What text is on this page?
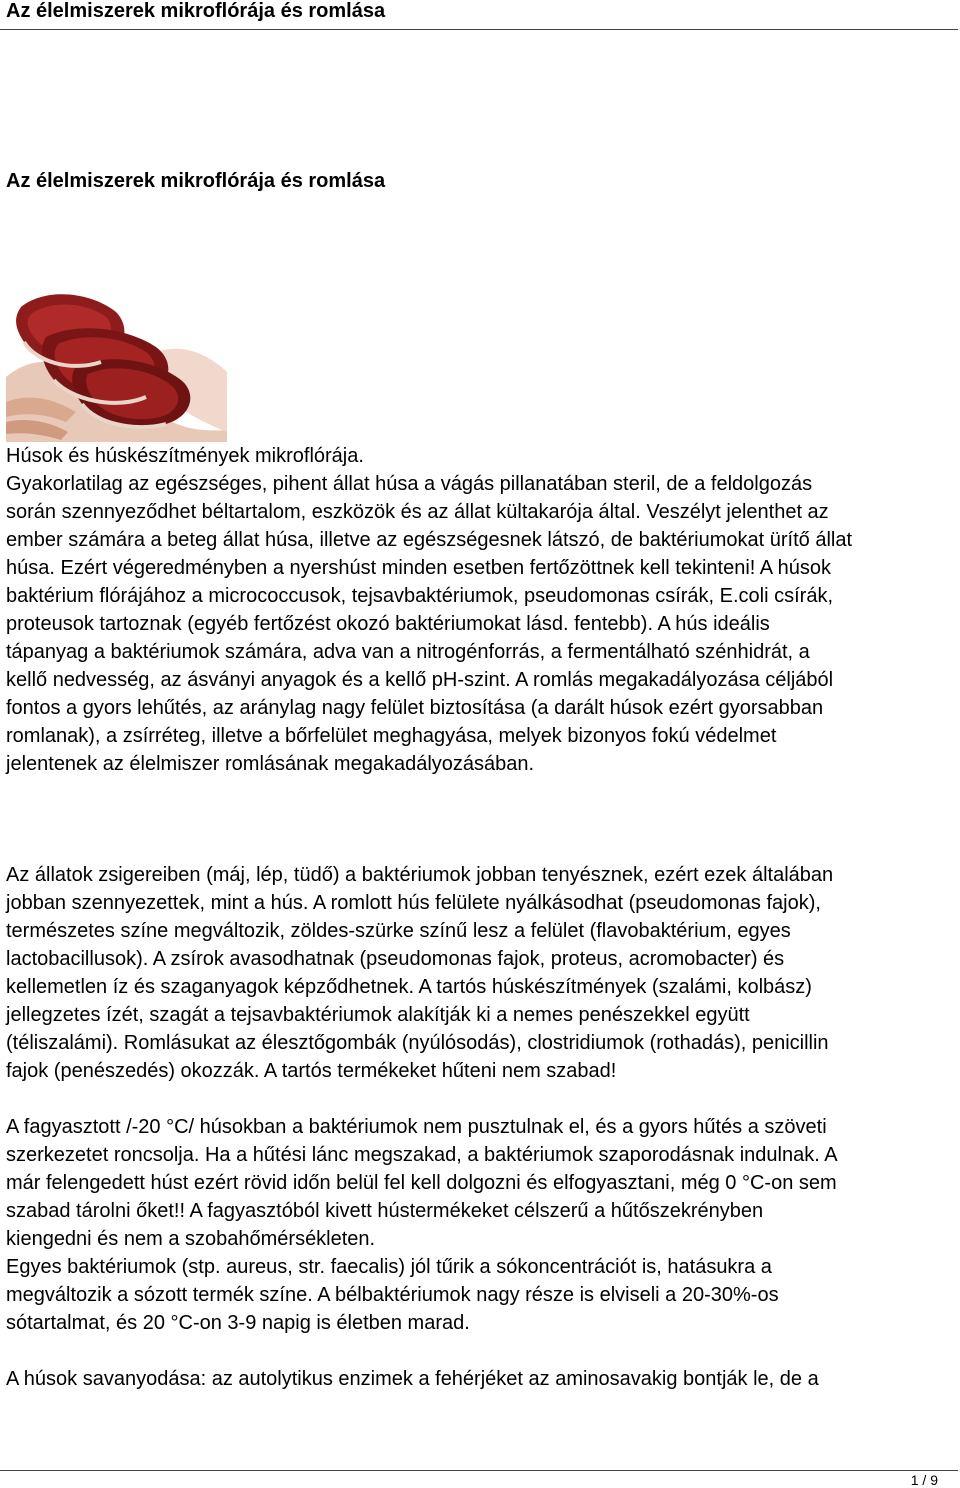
Az élelmiszerek mikroflórája és romlása
Az élelmiszerek mikroflórája és romlása
Húsok és húskészítmények mikroflórája.
Gyakorlatilag az egészséges, pihent állat húsa a vágás pillanatában steril, de a feldolgozás
során szennyeződhet béltartalom, eszközök és az állat kültakarója által. Veszélyt jelenthet az
ember számára a beteg állat húsa, illetve az egészségesnek látszó, de baktériumokat ürítő állat
húsa. Ezért végeredményben a nyershúst minden esetben fertőzöttnek kell tekinteni! A húsok
baktérium flórájához a micrococcusok, tejsavbaktériumok, pseudomonas csírák, E.coli csírák,
proteusok tartoznak (egyéb fertőzést okozó baktériumokat lásd. fentebb). A hús ideális
tápanyag a baktériumok számára, adva van a nitrogénforrás, a fermentálható szénhidrát, a
kellő nedvesség, az ásványi anyagok és a kellő pH-szint. A romlás megakadályozása céljából
fontos a gyors lehűtés, az aránylag nagy felület biztosítása (a darált húsok ezért gyorsabban
romlanak), a zsírréteg, illetve a bőrfelület meghagyása, melyek bizonyos fokú védelmet
jelentenek az élelmiszer romlásának megakadályozásában.
Az állatok zsigereiben (máj, lép, tüdő) a baktériumok jobban tenyésznek, ezért ezek általában
jobban szennyezettek, mint a hús. A romlott hús felülete nyálkásodhat (pseudomonas fajok),
természetes színe megváltozik, zöldes-szürke színű lesz a felület (flavobaktérium, egyes
lactobacillusok). A zsírok avasodhatnak (pseudomonas fajok, proteus, acromobacter) és
kellemetlen íz és szaganyagok képződhetnek. A tartós húskészítmények (szalámi, kolbász)
jellegzetes ízét, szagát a tejsavbaktériumok alakítják ki a nemes penészekkel együtt
(téliszalámi). Romlásukat az élesztőgombák (nyúlósodás), clostridiumok (rothadás), penicillin
fajok (penészedés) okozzák. A tartós termékeket hűteni nem szabad!
A fagyasztott /-20 °C/ húsokban a baktériumok nem pusztulnak el, és a gyors hűtés a szöveti
szerkezetet roncsolja. Ha a hűtési lánc megszakad, a baktériumok szaporodásnak indulnak. A
már felengedett húst ezért rövid időn belül fel kell dolgozni és elfogyasztani, még 0 °C-on sem
szabad tárolni őket!! A fagyasztóból kivett hústermékeket célszerű a hűtőszekrényben
kiengedni és nem a szobahőmérsékleten.
Egyes baktériumok (stp. aureus, str. faecalis) jól tűrik a sókoncentrációt is, hatásukra a
megváltozik a sózott termék színe. A bélbaktériumok nagy része is elviseli a 20-30%-os
sótartalmat, és 20 °C-on 3-9 napig is életben marad.
A húsok savanyodása: az autolytikus enzimek a fehérjéket az aminosavakig bontják le, de a
1 / 9
